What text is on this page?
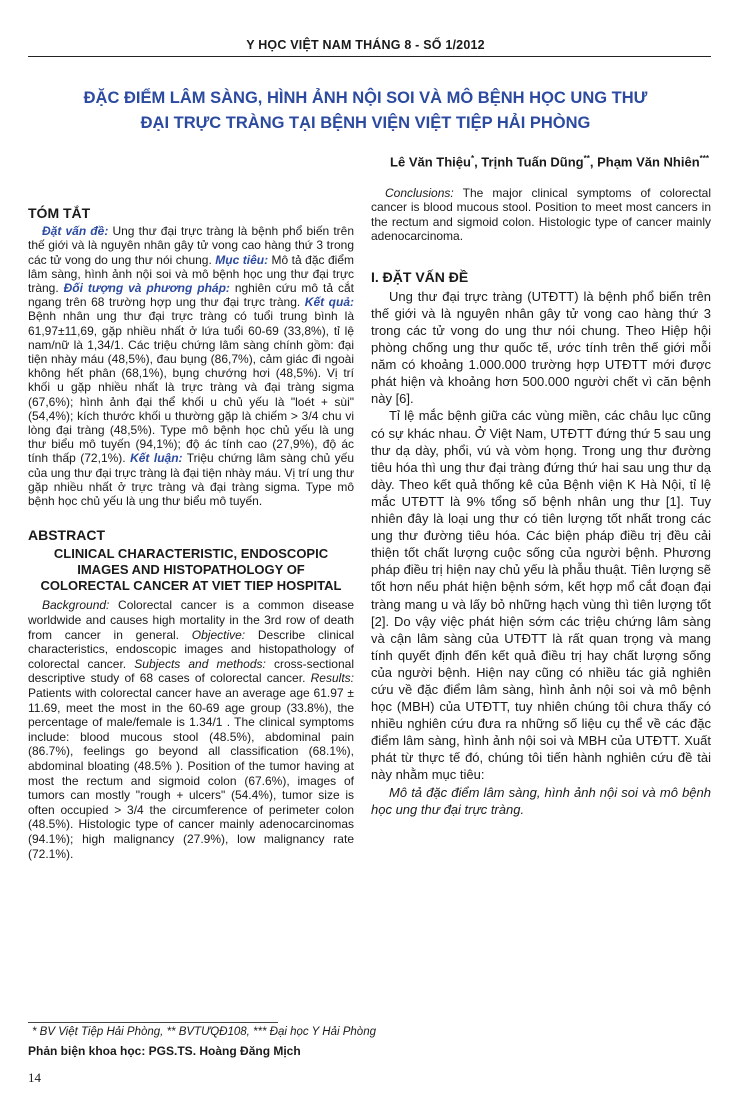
Y HỌC VIỆT NAM THÁNG 8 - SỐ 1/2012
ĐẶC ĐIỂM LÂM SÀNG, HÌNH ẢNH NỘI SOI VÀ MÔ BỆNH HỌC UNG THƯ
ĐẠI TRỰC TRÀNG TẠI BỆNH VIỆN VIỆT TIỆP HẢI PHÒNG
Lê Văn Thiệu*, Trịnh Tuấn Dũng**, Phạm Văn Nhiên***
TÓM TẮT

Đặt vấn đề: Ung thư đại trực tràng là bệnh phổ biến trên thế giới và là nguyên nhân gây tử vong cao hàng thứ 3 trong các tử vong do ung thư nói chung. Mục tiêu: Mô tả đặc điểm lâm sàng, hình ảnh nội soi và mô bệnh học ung thư đại trực tràng. Đối tượng và phương pháp: nghiên cứu mô tả cắt ngang trên 68 trường hợp ung thư đại trực tràng. Kết quả: Bệnh nhân ung thư đại trực tràng có tuổi trung bình là 61,97±11,69, gặp nhiều nhất ở lứa tuổi 60-69 (33,8%), tỉ lệ nam/nữ là 1,34/1. Các triệu chứng lâm sàng chính gồm: đại tiện nhày máu (48,5%), đau bụng (86,7%), cảm giác đi ngoài không hết phân (68,1%), bụng chướng hơi (48,5%). Vị trí khối u gặp nhiều nhất là trực tràng và đại tràng sigma (67,6%); hình ảnh đại thể khối u chủ yếu là "loét + sùi" (54,4%); kích thước khối u thường gặp là chiếm > 3/4 chu vi lòng đại tràng (48,5%). Type mô bệnh học chủ yếu là ung thư biểu mô tuyến (94,1%); độ ác tính cao (27,9%), độ ác tính thấp (72,1%). Kết luận: Triệu chứng lâm sàng chủ yếu của ung thư đại trực tràng là đại tiện nhày máu. Vị trí ung thư gặp nhiều nhất ở trực tràng và đại tràng sigma. Type mô bệnh học chủ yếu là ung thư biểu mô tuyến.

ABSTRACT
CLINICAL CHARACTERISTIC, ENDOSCOPIC
IMAGES AND HISTOPATHOLOGY OF
COLORECTAL CANCER AT VIET TIEP HOSPITAL

Background: Colorectal cancer is a common disease worldwide and causes high mortality in the 3rd row of death from cancer in general. Objective: Describe clinical characteristics, endoscopic images and histopathology of colorectal cancer. Subjects and methods: cross-sectional descriptive study of 68 cases of colorectal cancer. Results: Patients with colorectal cancer have an average age 61.97 ± 11.69, meet the most in the 60-69 age group (33.8%), the percentage of male/female is 1.34/1 . The clinical symptoms include: blood mucous stool (48.5%), abdominal pain (86.7%), feelings go beyond all classification (68.1%), abdominal bloating (48.5% ). Position of the tumor having at most the rectum and sigmoid colon (67.6%), images of tumors can mostly "rough + ulcers" (54.4%), tumor size is often occupied > 3/4 the circumference of perimeter colon (48.5%). Histologic type of cancer mainly adenocarcinomas (94.1%); high malignancy (27.9%), low malignancy rate (72.1%).

Conclusions: The major clinical symptoms of colorectal cancer is blood mucous stool. Position to meet most cancers in the rectum and sigmoid colon. Histologic type of cancer mainly adenocarcinoma.

I. ĐẶT VẤN ĐỀ

Ung thư đại trực tràng (UTĐTT) là bệnh phổ biến trên thế giới và là nguyên nhân gây tử vong cao hàng thứ 3 trong các tử vong do ung thư nói chung. Theo Hiệp hội phòng chống ung thư quốc tế, ước tính trên thế giới mỗi năm có khoảng 1.000.000 trường hợp UTĐTT mới được phát hiện và khoảng hơn 500.000 người chết vì căn bệnh này [6].

Tỉ lệ mắc bệnh giữa các vùng miền, các châu lục cũng có sự khác nhau. Ở Việt Nam, UTĐTT đứng thứ 5 sau ung thư dạ dày, phổi, vú và vòm họng. Trong ung thư đường tiêu hóa thì ung thư đại tràng đứng thứ hai sau ung thư dạ dày. Theo kết quả thống kê của Bệnh viện K Hà Nội, tỉ lệ mắc UTĐTT là 9% tổng số bệnh nhân ung thư [1]. Tuy nhiên đây là loại ung thư có tiên lượng tốt nhất trong các ung thư đường tiêu hóa. Các biện pháp điều trị đều cải thiện tốt chất lượng cuộc sống của người bệnh. Phương pháp điều trị hiện nay chủ yếu là phẫu thuật. Tiên lượng sẽ tốt hơn nếu phát hiện bệnh sớm, kết hợp mổ cắt đoạn đại tràng mang u và lấy bỏ những hạch vùng thì tiên lượng tốt [2]. Do vậy việc phát hiện sớm các triệu chứng lâm sàng và cận lâm sàng của UTĐTT là rất quan trọng và mang tính quyết định đến kết quả điều trị hay chất lượng sống của người bệnh. Hiện nay cũng có nhiều tác giả nghiên cứu về đặc điểm lâm sàng, hình ảnh nội soi và mô bệnh học (MBH) của UTĐTT, tuy nhiên chúng tôi chưa thấy có nhiều nghiên cứu đưa ra những số liệu cụ thể về các đặc điểm lâm sàng, hình ảnh nội soi và MBH của UTĐTT. Xuất phát từ thực tế đó, chúng tôi tiến hành nghiên cứu đề tài này nhằm mục tiêu:

Mô tả đặc điểm lâm sàng, hình ảnh nội soi và mô bệnh học ung thư đại trực tràng.

* BV Việt Tiệp Hải Phòng, ** BVTƯQĐ108, *** Đại học Y Hải Phòng
Phản biện khoa học: PGS.TS. Hoàng Đăng Mịch
14
